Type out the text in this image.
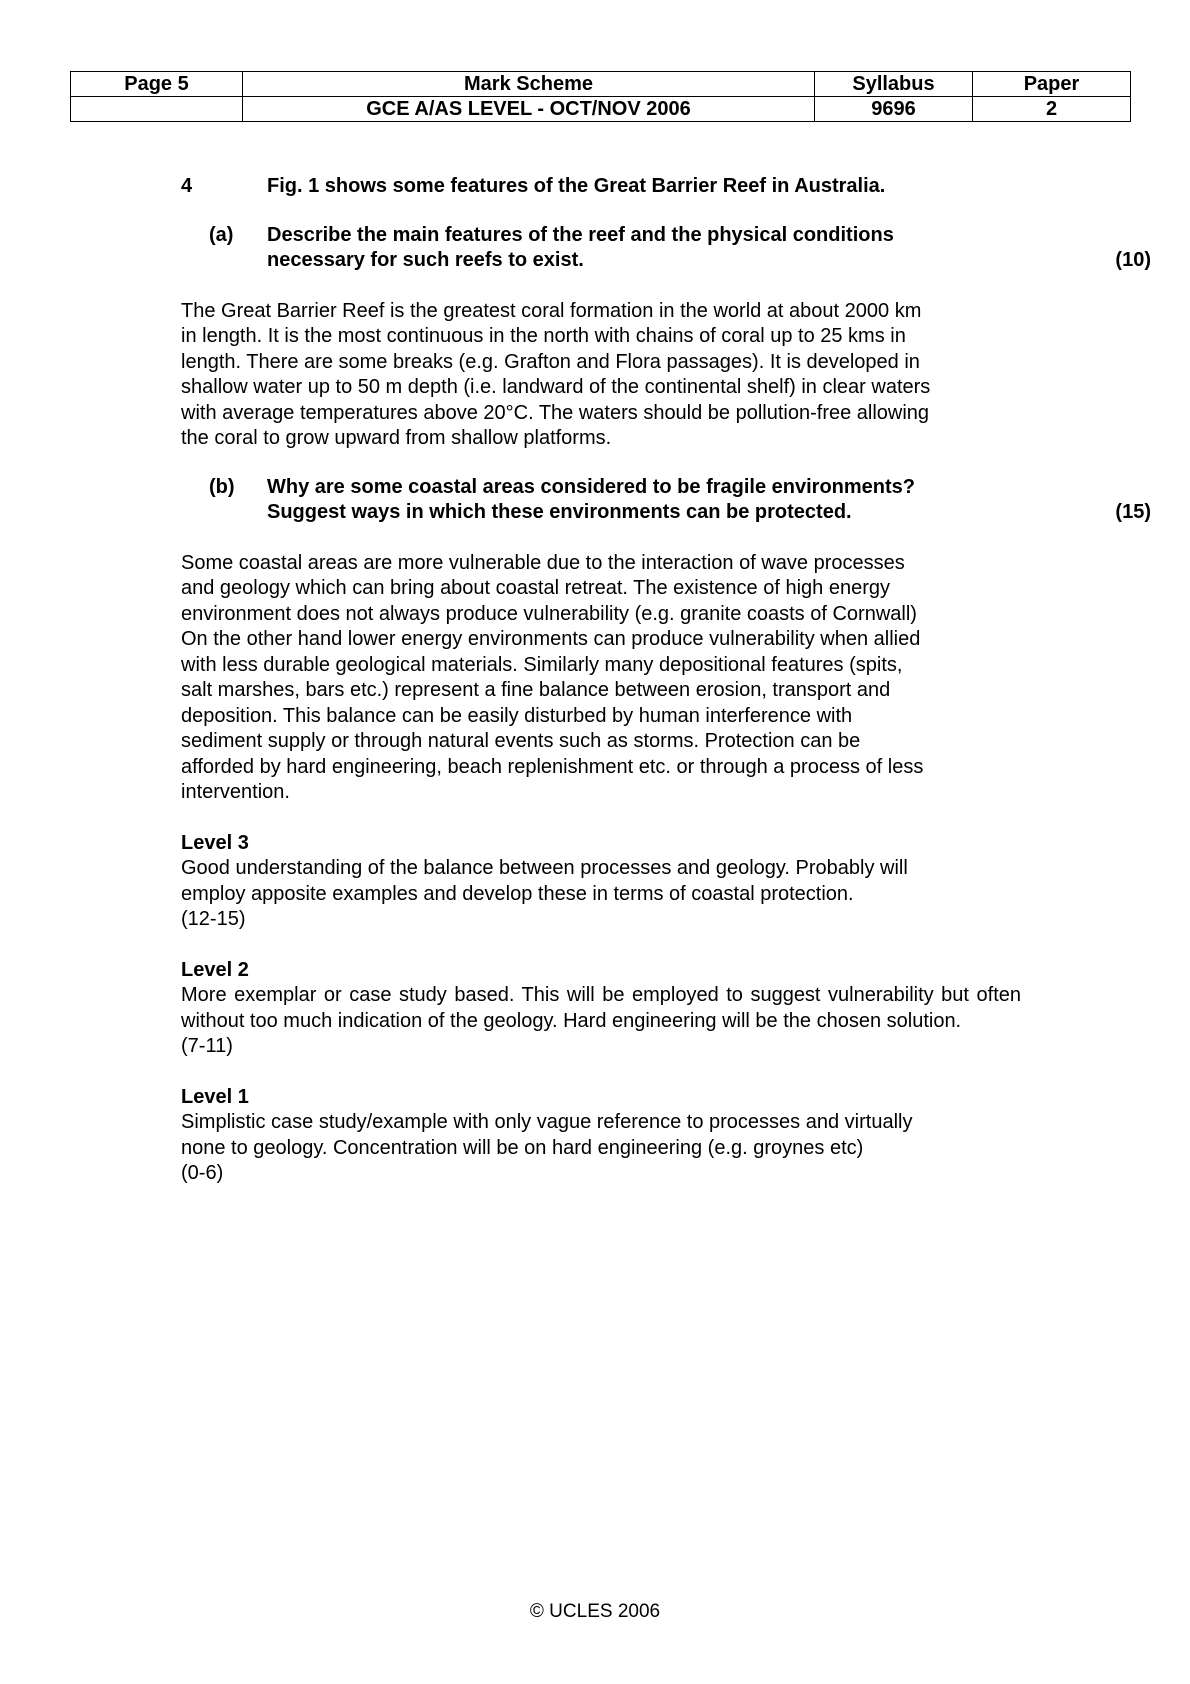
Page 5	Mark Scheme	Syllabus	Paper
	GCE A/AS LEVEL - OCT/NOV 2006	9696	2
4	Fig. 1 shows some features of the Great Barrier Reef in Australia.
(a) Describe the main features of the reef and the physical conditions
necessary for such reefs to exist.	(10)
The Great Barrier Reef is the greatest coral formation in the world at about 2000 km
in length. It is the most continuous in the north with chains of coral up to 25 kms in
length. There are some breaks (e.g. Grafton and Flora passages). It is developed in
shallow water up to 50 m depth (i.e. landward of the continental shelf) in clear waters
with average temperatures above 20°C. The waters should be pollution-free allowing
the coral to grow upward from shallow platforms.
(b) Why are some coastal areas considered to be fragile environments?
Suggest ways in which these environments can be protected.	(15)
Some coastal areas are more vulnerable due to the interaction of wave processes
and geology which can bring about coastal retreat. The existence of high energy
environment does not always produce vulnerability (e.g. granite coasts of Cornwall)
On the other hand lower energy environments can produce vulnerability when allied
with less durable geological materials. Similarly many depositional features (spits,
salt marshes, bars etc.) represent a fine balance between erosion, transport and
deposition. This balance can be easily disturbed by human interference with
sediment supply or through natural events such as storms. Protection can be
afforded by hard engineering, beach replenishment etc. or through a process of less
intervention.
Level 3
Good understanding of the balance between processes and geology. Probably will
employ apposite examples and develop these in terms of coastal protection.
(12-15)
Level 2
More exemplar or case study based. This will be employed to suggest vulnerability but often without too much indication of the geology. Hard engineering will be the chosen solution.
(7-11)
Level 1
Simplistic case study/example with only vague reference to processes and virtually
none to geology. Concentration will be on hard engineering (e.g. groynes etc)
(0-6)
© UCLES 2006
